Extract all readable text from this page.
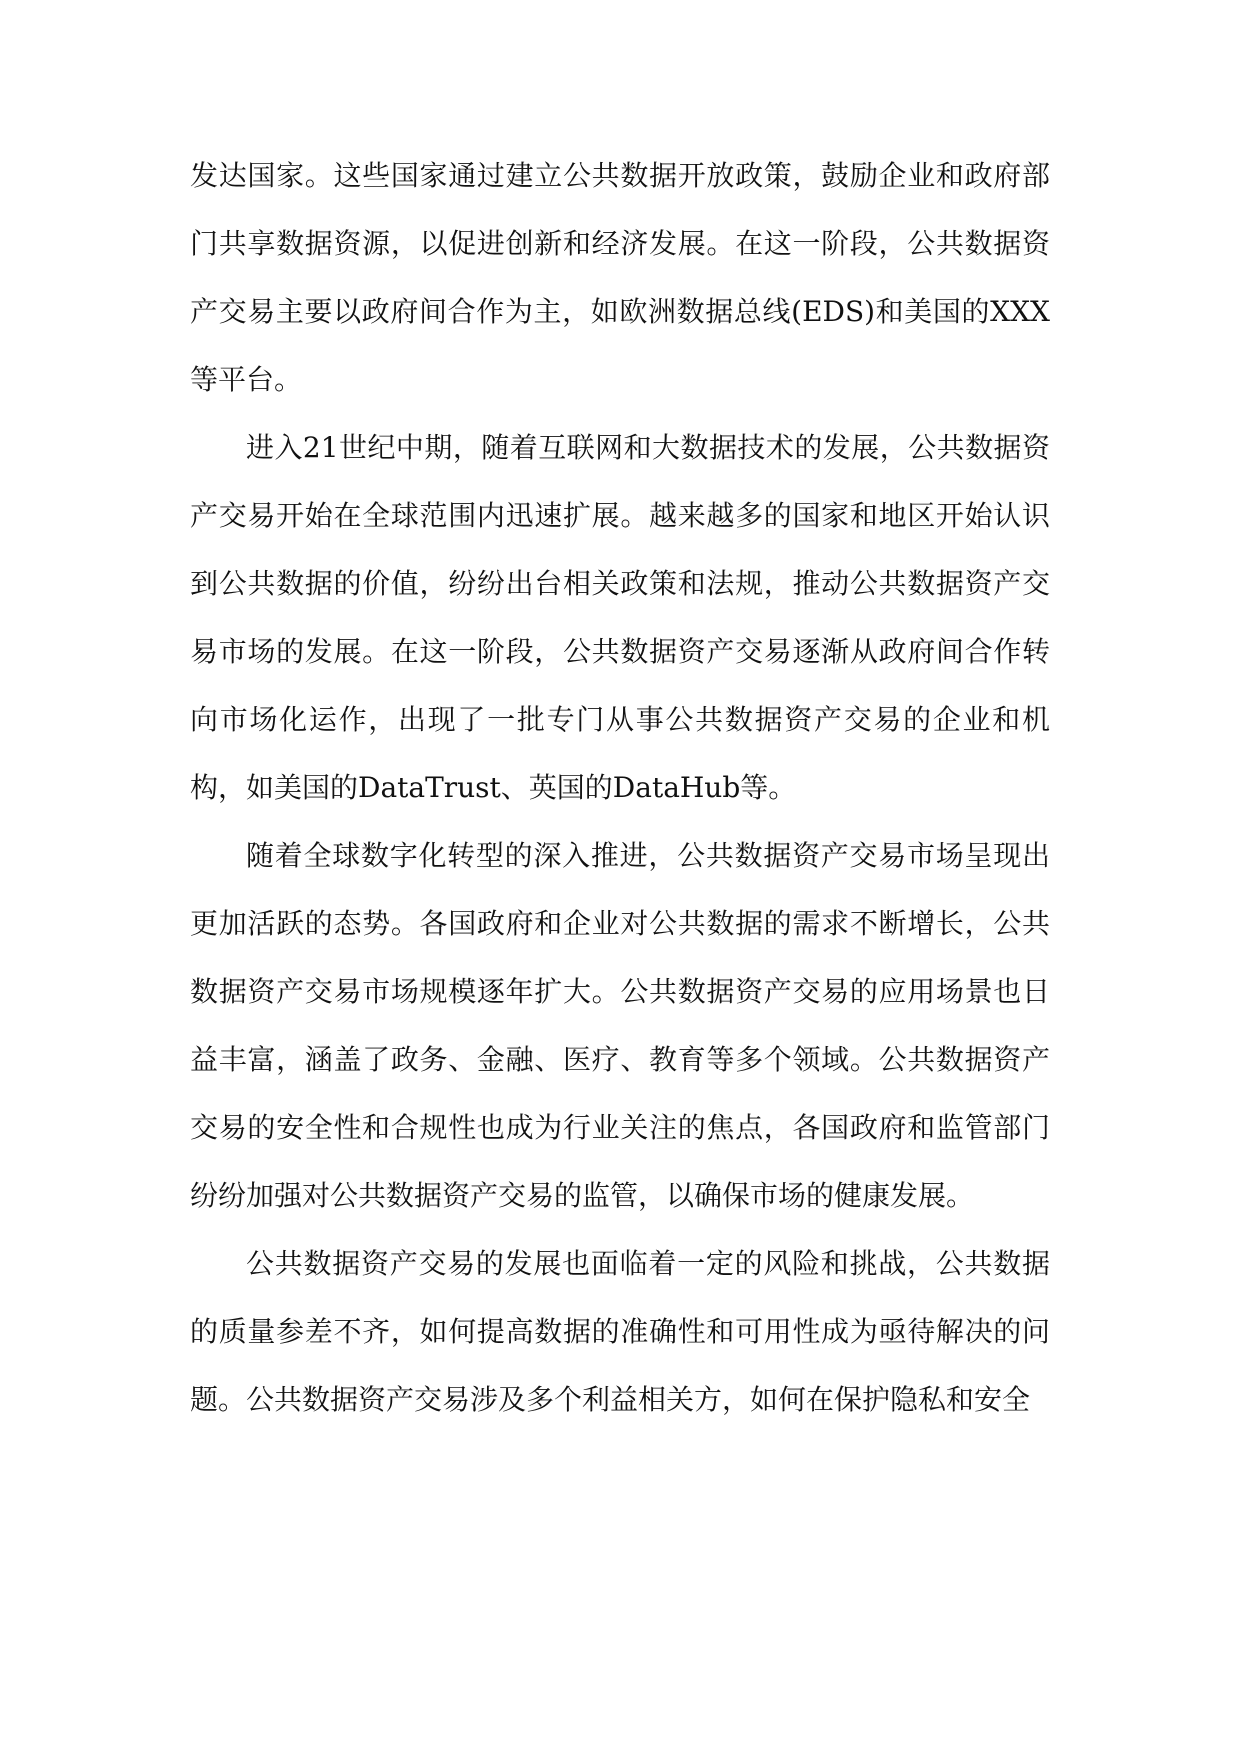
发达国家。这些国家通过建立公共数据开放政策，鼓励企业和政府部门共享数据资源，以促进创新和经济发展。在这一阶段，公共数据资产交易主要以政府间合作为主，如欧洲数据总线(EDS)和美国的XXX等平台。

进入21世纪中期，随着互联网和大数据技术的发展，公共数据资产交易开始在全球范围内迅速扩展。越来越多的国家和地区开始认识到公共数据的价值，纷纷出台相关政策和法规，推动公共数据资产交易市场的发展。在这一阶段，公共数据资产交易逐渐从政府间合作转向市场化运作，出现了一批专门从事公共数据资产交易的企业和机构，如美国的DataTrust、英国的DataHub等。

随着全球数字化转型的深入推进，公共数据资产交易市场呈现出更加活跃的态势。各国政府和企业对公共数据的需求不断增长，公共数据资产交易市场规模逐年扩大。公共数据资产交易的应用场景也日益丰富，涵盖了政务、金融、医疗、教育等多个领域。公共数据资产交易的安全性和合规性也成为行业关注的焦点，各国政府和监管部门纷纷加强对公共数据资产交易的监管，以确保市场的健康发展。

公共数据资产交易的发展也面临着一定的风险和挑战，公共数据的质量参差不齐，如何提高数据的准确性和可用性成为亟待解决的问题。公共数据资产交易涉及多个利益相关方，如何在保护隐私和安全
